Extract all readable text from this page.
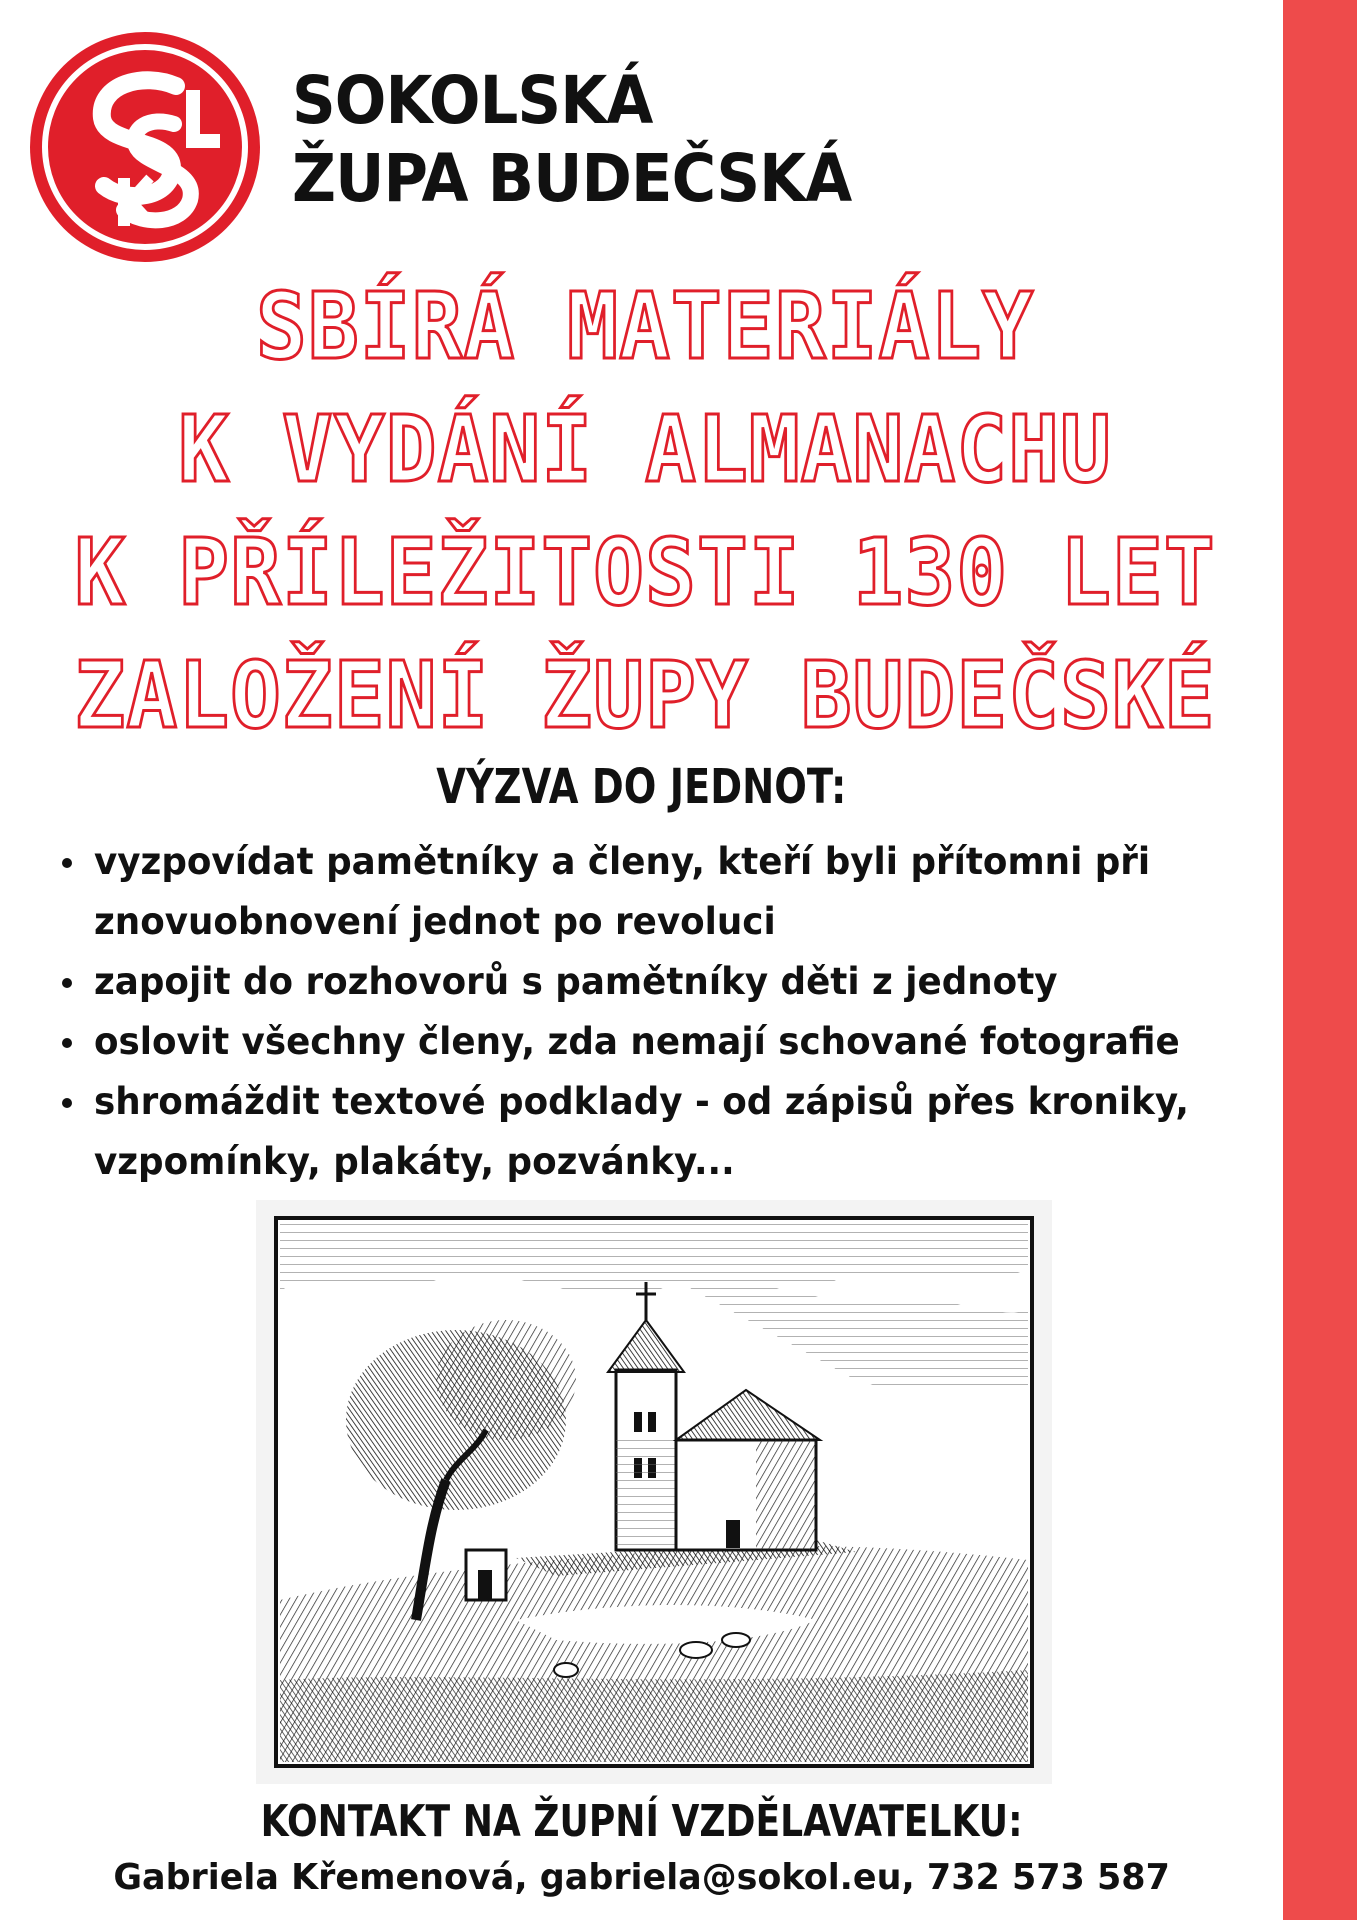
SOKOLSKÁ
ŽUPA BUDEČSKÁ
SBÍRÁ MATERIÁLY
K VYDÁNÍ ALMANACHU
K PŘÍLEŽITOSTI 130 LET
ZALOŽENÍ ŽUPY BUDEČSKÉ
VÝZVA DO JEDNOT:
vyzpovídat pamětníky a členy, kteří byli přítomni při znovuobnovení jednot po revoluci
zapojit do rozhovorů s pamětníky děti z jednoty
oslovit všechny členy, zda nemají schované fotografie
shromáždit textové podklady - od zápisů přes kroniky, vzpomínky, plakáty, pozvánky...
KONTAKT NA ŽUPNÍ VZDĚLAVATELKU:
Gabriela Křemenová, gabriela@sokol.eu, 732 573 587
